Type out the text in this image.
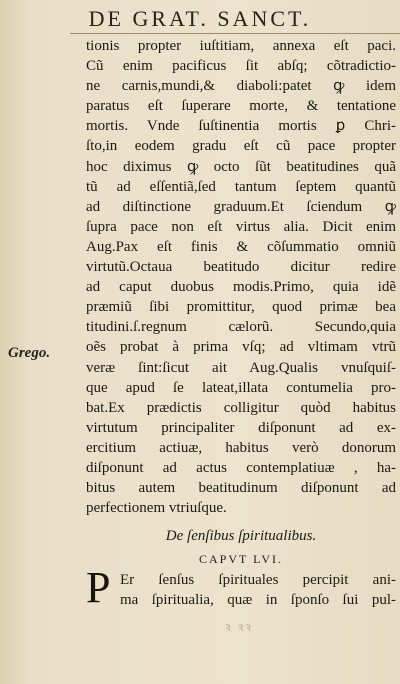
DE GRAT. SANCT.
Grego.
tionis propter iuſtitiam, annexa eſt paci.
Cũ enim pacificus ſit abſq; cõtradictio-
ne carnis,mundi,& diaboli:patet ꝙ idem
paratus eſt ſuperare morte, & tentatione
mortis. Vnde ſuſtinentia mortis ꝑ Chri-
ſto,in eodem gradu eſt cũ pace propter
hoc diximus ꝙ octo ſũt beatitudines quã
tũ ad eſſentiã,ſed tantum ſeptem quantũ
ad diſtinctione graduum.Et ſciendum ꝙ
ſupra pace non eſt virtus alia. Dicit enim
Aug.Pax eſt finis & cõſummatio omniũ
virtutũ.Octaua beatitudo dicitur redire
ad caput duobus modis.Primo, quia idẽ
præmiũ ſibi promittitur, quod primæ bea
titudini.ſ.regnum cælorũ. Secundo,quia
oẽs probat à prima vſq; ad vltimam vtrũ
veræ ſint:ſicut ait Aug.Qualis vnuſquiſ-
que apud ſe lateat,illata contumelia pro-
bat.Ex prædictis colligitur quòd habitus
virtutum principaliter diſponunt ad ex-
ercitium actiuæ, habitus verò donorum
diſponunt ad actus contemplatiuæ , ha-
bitus autem beatitudinum diſponunt ad
perfectionem vtriuſque.
De ſenſibus ſpiritualibus.
CAPVT LVI.
P Er ſenſus ſpirituales percipit ani-
ma ſpiritualia, quæ in ſponſo ſui pul-
ꝛ ꝛꝛ
